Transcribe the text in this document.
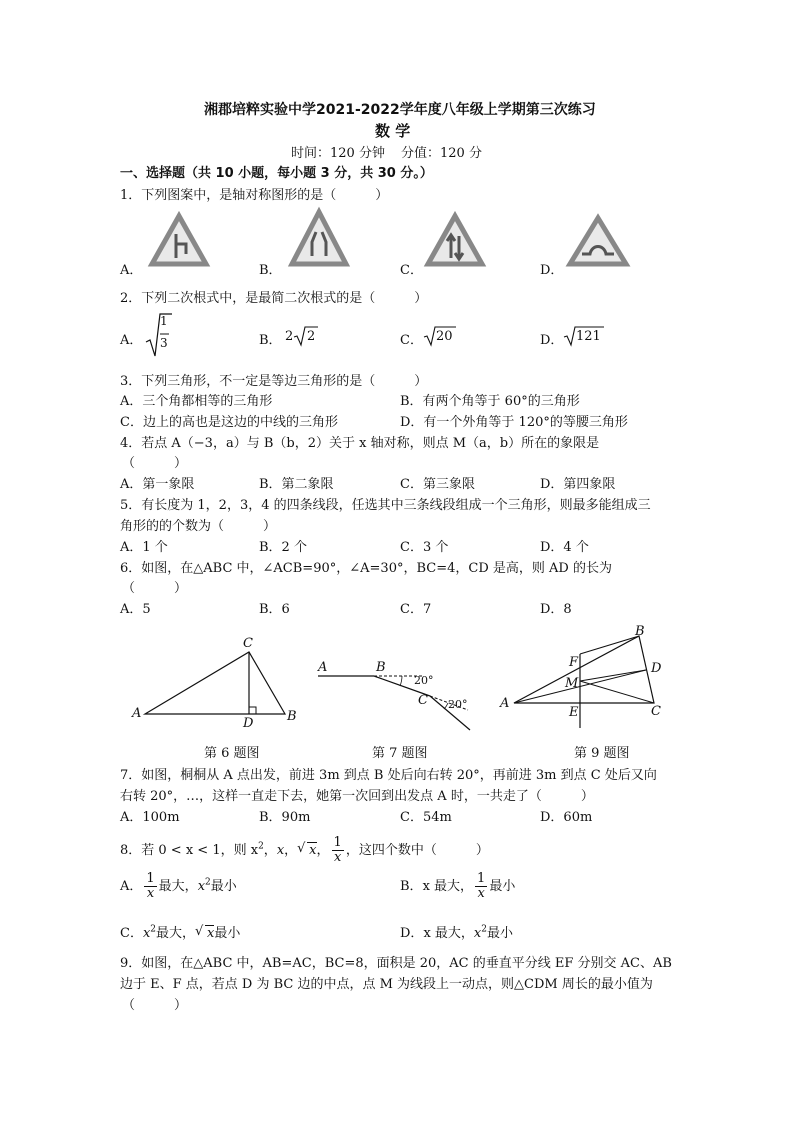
湘郡培粹实验中学2021-2022学年度八年级上学期第三次练习
数 学
时间：120 分钟 分值：120 分
一、选择题（共 10 小题，每小题 3 分，共 30 分。）
1．下列图案中，是轴对称图形的是（　　　）
A．	B．	C．	D．
2．下列二次根式中，是最简二次根式的是（　　　）
A．
1
3	B． 2 2	C． 20	D． 121
3．下列三角形，不一定是等边三角形的是（　　　）
A．三个角都相等的三角形	B．有两个角等于 60°的三角形
C．边上的高也是这边的中线的三角形	D．有一个外角等于 120°的等腰三角形
4．若点 A（−3，a）与 B（b，2）关于 x 轴对称，则点 M（a，b）所在的象限是
（　　　）
A．第一象限	B．第二象限	C．第三象限	D．第四象限
5．有长度为 1，2，3，4 的四条线段，任选其中三条线段组成一个三角形，则最多能组成三
角形的的个数为（　　　）
A．1 个	B．2 个	C．3 个	D．4 个
6．如图，在△ABC 中，∠ACB=90°，∠A=30°，BC=4，CD 是高，则 AD 的长为
（　　　）
A．5	B．6	C．7	D．8
A
C
D	B
第 6 题图
A	B
20°
C 20°
第 7 题图
B
F	D
M
A
E	C
第 9 题图
7．如图，桐桐从 A 点出发，前进 3m 到点 B 处后向右转 20°，再前进 3m 到点 C 处后又向
右转 20°，…，这样一直走下去，她第一次回到出发点 A 时，一共走了（　　　）
A．100m	B．90m	C．54m	D．60m
8．若 0 < x < 1，则 $x^2$，x， √ x， $\frac{1}{x}$ ，这四个数中（　　　）
A． $\frac{1}{x}$ 最大，$x^2$最小	B．x 最大， $\frac{1}{x}$ 最小
C．$x^2$最大， √ x最小	D．x 最大，$x^2$最小
9．如图，在△ABC 中，AB=AC，BC=8，面积是 20，AC 的垂直平分线 EF 分别交 AC、AB
边于 E、F 点，若点 D 为 BC 边的中点，点 M 为线段上一动点，则△CDM 周长的最小值为
（　　　）
